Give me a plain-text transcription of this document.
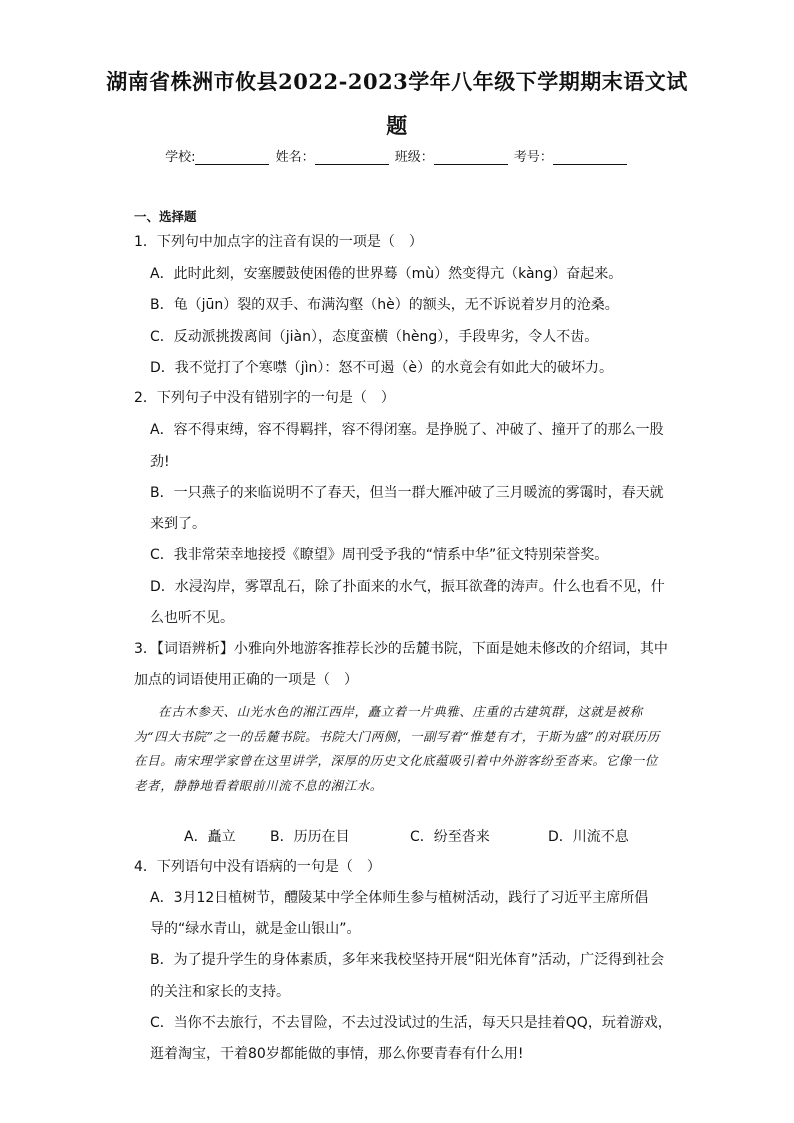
湖南省株洲市攸县2022-2023学年八年级下学期期末语文试
题
学校:	姓名：	班级：	考号：
一、选择题
1．下列句中加点字的注音有误的一项是（　）
A．此时此刻，安塞腰鼓使困倦的世界蓦（mù）然变得亢（kàng）奋起来。
B．龟（jūn）裂的双手、布满沟壑（hè）的额头，无不诉说着岁月的沧桑。
C．反动派挑拨离间（jiàn），态度蛮横（hèng），手段卑劣，令人不齿。
D．我不觉打了个寒噤（jìn）：怒不可遏（è）的水竟会有如此大的破坏力。
2．下列句子中没有错别字的一句是（　）
A．容不得束缚，容不得羁拌，容不得闭塞。是挣脱了、冲破了、撞开了的那么一股
劲!
B．一只燕子的来临说明不了春天，但当一群大雁冲破了三月暖流的雾霭时，春天就
来到了。
C．我非常荣幸地接授《瞭望》周刊受予我的“情系中华”征文特别荣誉奖。
D．水浸沟岸，雾罩乱石，除了扑面来的水气，振耳欲聋的涛声。什么也看不见，什
么也听不见。
3．【词语辨析】小雅向外地游客推荐长沙的岳麓书院，下面是她未修改的介绍词，其中
加点的词语使用正确的一项是（　）
在古木参天、山光水色的湘江西岸，矗立着一片典雅、庄重的古建筑群，这就是被称为“四大书院”之一的岳麓书院。书院大门两侧，一副写着“惟楚有才，于斯为盛”的对联历历在目。南宋理学家曾在这里讲学，深厚的历史文化底蕴吸引着中外游客纷至沓来。它像一位老者，静静地看着眼前川流不息的湘江水。
A．矗立 B．历历在目	C．纷至沓来	D．川流不息
4．下列语句中没有语病的一句是（　）
A．3月12日植树节，醴陵某中学全体师生参与植树活动，践行了习近平主席所倡
导的“绿水青山，就是金山银山”。
B．为了提升学生的身体素质，多年来我校坚持开展“阳光体育”活动，广泛得到社会
的关注和家长的支持。
C．当你不去旅行，不去冒险，不去过没试过的生活，每天只是挂着QQ，玩着游戏，
逛着淘宝，干着80岁都能做的事情，那么你要青春有什么用!
